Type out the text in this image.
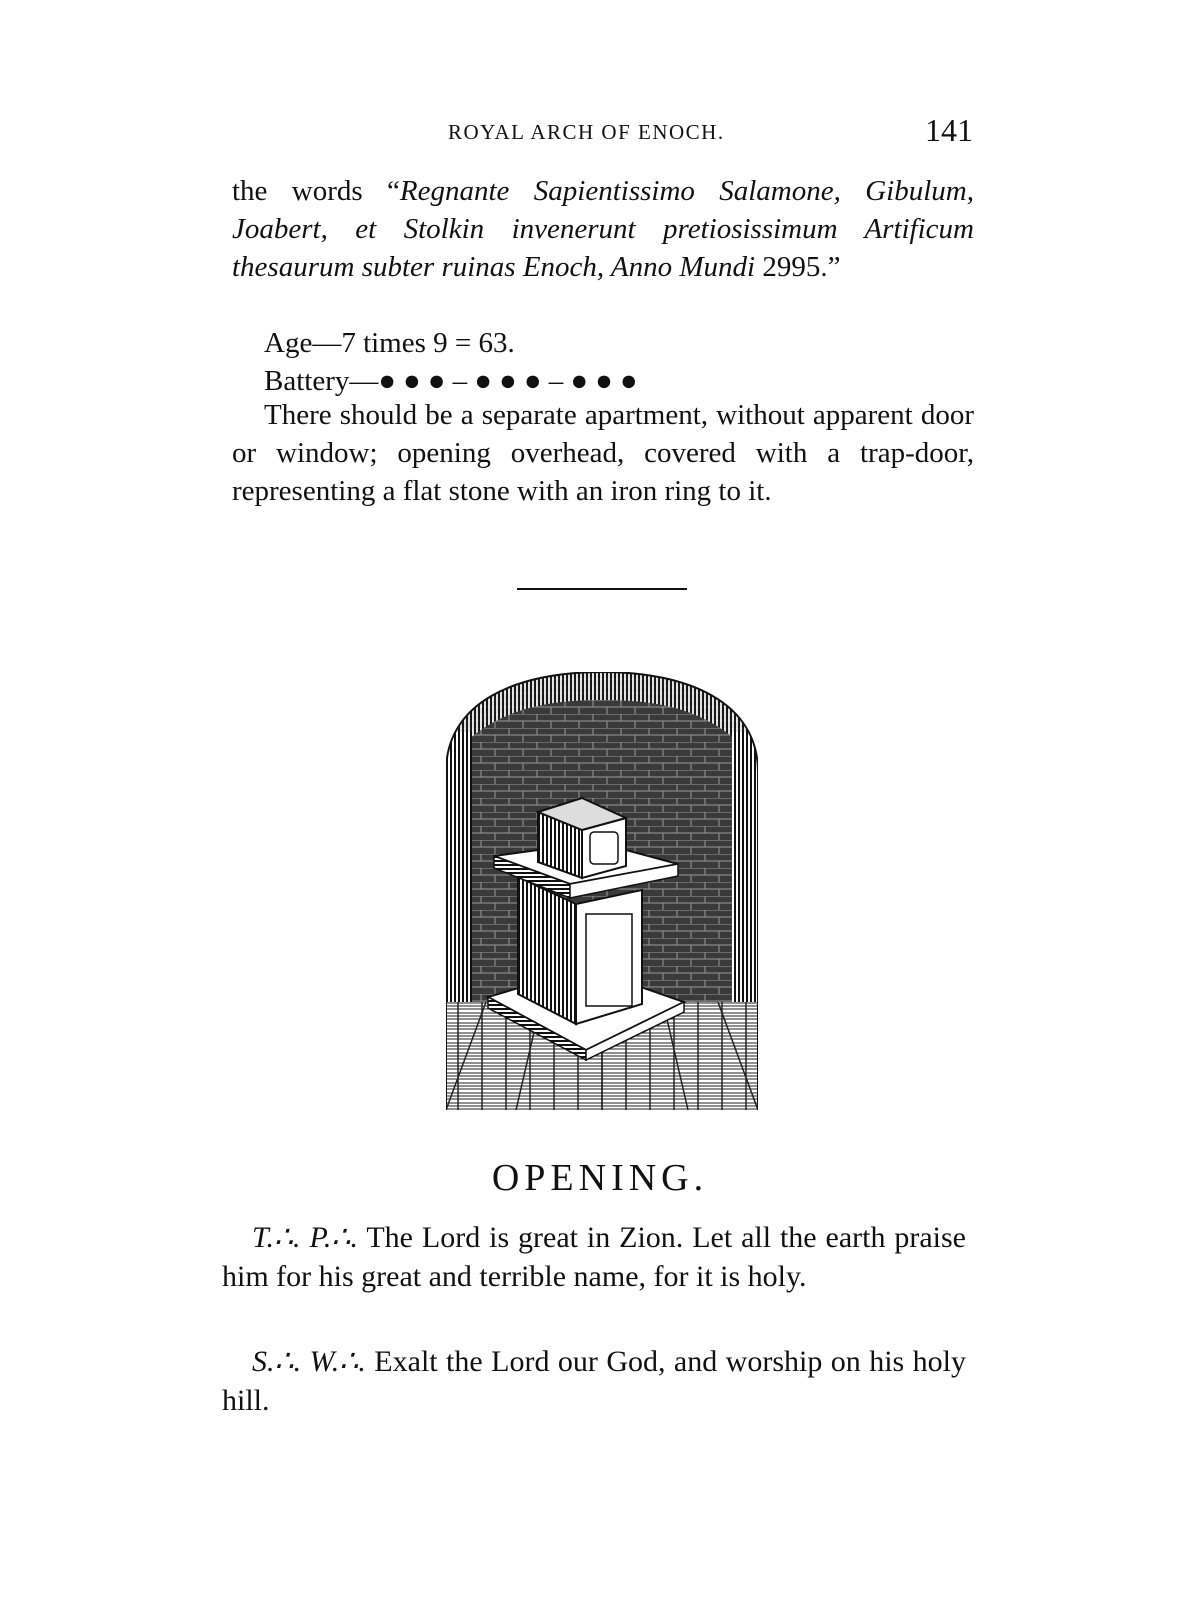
ROYAL ARCH OF ENOCH.	141

the words “Regnante Sapientissimo Salamone, Gibulum, Joabert, et Stolkin invenerunt pretiosissimum Artificum thesaurum subter ruinas Enoch, Anno Mundi 2995.”

Age—7 times 9 = 63.

Battery—● ● ● – ● ● ● – ● ● ●

There should be a separate apartment, without apparent door or window; opening overhead, covered with a trap-door, representing a flat stone with an iron ring to it.

OPENING.

T.∴. P.∴. The Lord is great in Zion. Let all the earth praise him for his great and terrible name, for it is holy.

S.∴. W.∴. Exalt the Lord our God, and worship on his holy hill.
